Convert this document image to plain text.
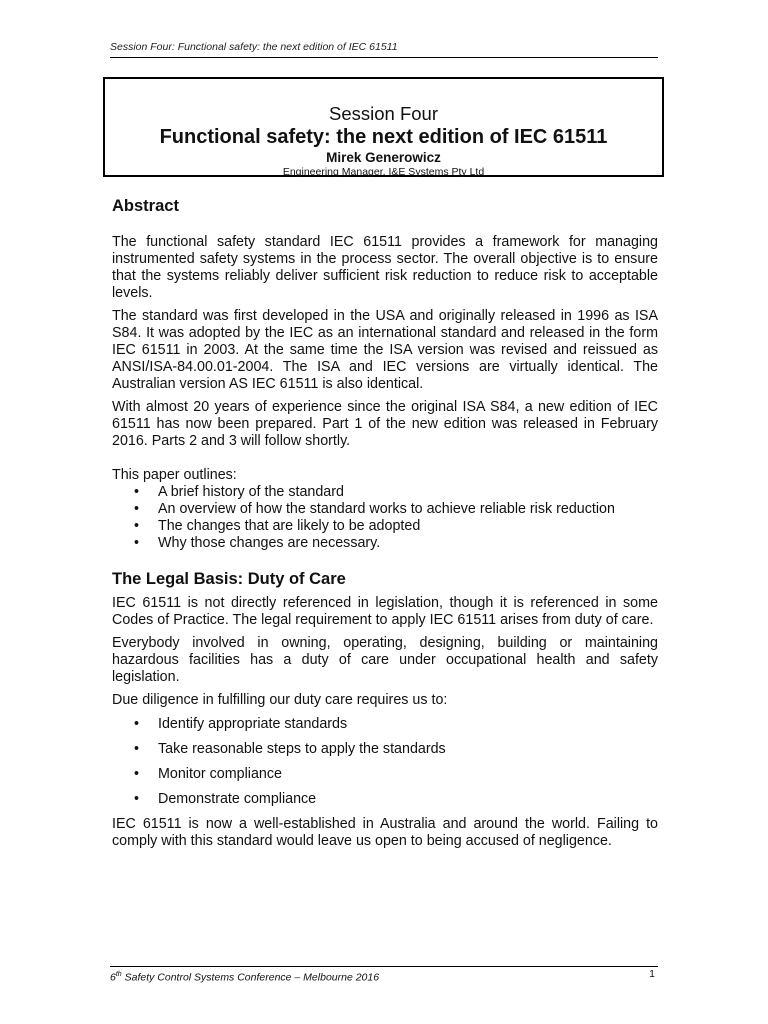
Session Four: Functional safety: the next edition of IEC 61511
Session Four
Functional safety: the next edition of IEC 61511
Mirek Generowicz
Engineering Manager, I&E Systems Pty Ltd
Abstract

The functional safety standard IEC 61511 provides a framework for managing instrumented safety systems in the process sector. The overall objective is to ensure that the systems reliably deliver sufficient risk reduction to reduce risk to acceptable levels.

The standard was first developed in the USA and originally released in 1996 as ISA S84. It was adopted by the IEC as an international standard and released in the form IEC 61511 in 2003. At the same time the ISA version was revised and reissued as ANSI/ISA-84.00.01-2004. The ISA and IEC versions are virtually identical. The Australian version AS IEC 61511 is also identical.

With almost 20 years of experience since the original ISA S84, a new edition of IEC 61511 has now been prepared. Part 1 of the new edition was released in February 2016. Parts 2 and 3 will follow shortly.

This paper outlines:

• A brief history of the standard
• An overview of how the standard works to achieve reliable risk reduction
• The changes that are likely to be adopted
• Why those changes are necessary.
The Legal Basis: Duty of Care

IEC 61511 is not directly referenced in legislation, though it is referenced in some Codes of Practice. The legal requirement to apply IEC 61511 arises from duty of care.

Everybody involved in owning, operating, designing, building or maintaining hazardous facilities has a duty of care under occupational health and safety legislation.

Due diligence in fulfilling our duty care requires us to:

• Identify appropriate standards
• Take reasonable steps to apply the standards
• Monitor compliance
• Demonstrate compliance

IEC 61511 is now a well-established in Australia and around the world. Failing to comply with this standard would leave us open to being accused of negligence.

6th Safety Control Systems Conference – Melbourne 2016	1
